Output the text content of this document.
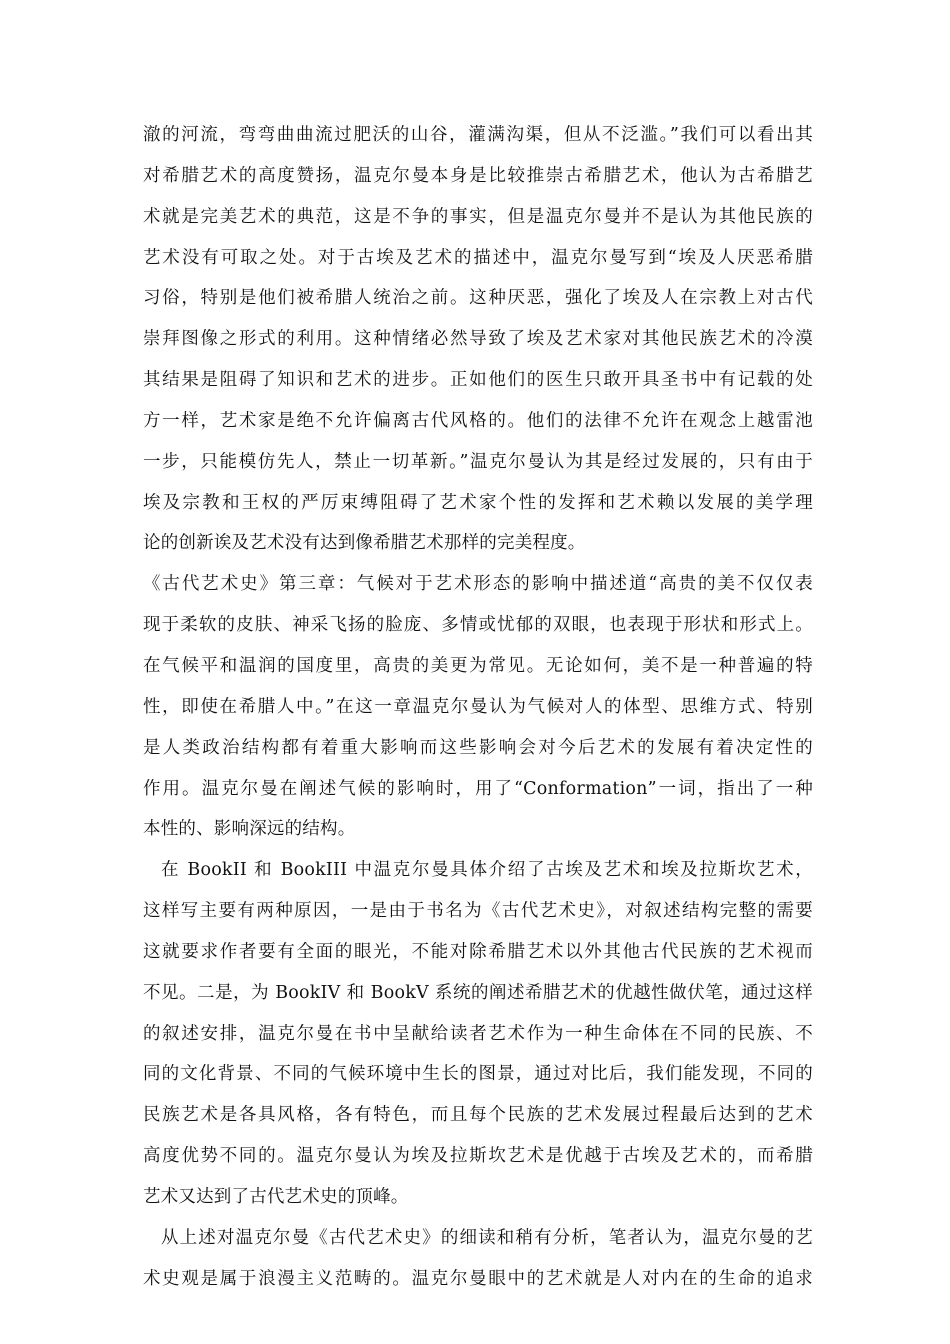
澈的河流，弯弯曲曲流过肥沃的山谷，灌满沟渠，但从不泛滥。”我们可以看出其
对希腊艺术的高度赞扬，温克尔曼本身是比较推崇古希腊艺术，他认为古希腊艺
术就是完美艺术的典范，这是不争的事实，但是温克尔曼并不是认为其他民族的
艺术没有可取之处。对于古埃及艺术的描述中，温克尔曼写到“埃及人厌恶希腊
习俗，特别是他们被希腊人统治之前。这种厌恶，强化了埃及人在宗教上对古代
崇拜图像之形式的利用。这种情绪必然导致了埃及艺术家对其他民族艺术的冷漠
其结果是阻碍了知识和艺术的进步。正如他们的医生只敢开具圣书中有记载的处
方一样，艺术家是绝不允许偏离古代风格的。他们的法律不允许在观念上越雷池
一步，只能模仿先人，禁止一切革新。”温克尔曼认为其是经过发展的，只有由于
埃及宗教和王权的严厉束缚阻碍了艺术家个性的发挥和艺术赖以发展的美学理
论的创新诶及艺术没有达到像希腊艺术那样的完美程度。
《古代艺术史》第三章：气候对于艺术形态的影响中描述道“高贵的美不仅仅表
现于柔软的皮肤、神采飞扬的脸庞、多情或忧郁的双眼，也表现于形状和形式上。
在气候平和温润的国度里，高贵的美更为常见。无论如何，美不是一种普遍的特
性，即使在希腊人中。”在这一章温克尔曼认为气候对人的体型、思维方式、特别
是人类政治结构都有着重大影响而这些影响会对今后艺术的发展有着决定性的
作用。温克尔曼在阐述气候的影响时，用了“Conformation”一词，指出了一种
本性的、影响深远的结构。
在 BookII 和 BookIII 中温克尔曼具体介绍了古埃及艺术和埃及拉斯坎艺术，
这样写主要有两种原因，一是由于书名为《古代艺术史》，对叙述结构完整的需要
这就要求作者要有全面的眼光，不能对除希腊艺术以外其他古代民族的艺术视而
不见。二是，为 BookIV 和 BookV 系统的阐述希腊艺术的优越性做伏笔，通过这样
的叙述安排，温克尔曼在书中呈献给读者艺术作为一种生命体在不同的民族、不
同的文化背景、不同的气候环境中生长的图景，通过对比后，我们能发现，不同的
民族艺术是各具风格，各有特色，而且每个民族的艺术发展过程最后达到的艺术
高度优势不同的。温克尔曼认为埃及拉斯坎艺术是优越于古埃及艺术的，而希腊
艺术又达到了古代艺术史的顶峰。
从上述对温克尔曼《古代艺术史》的细读和稍有分析，笔者认为，温克尔曼的艺
术史观是属于浪漫主义范畴的。温克尔曼眼中的艺术就是人对内在的生命的追求
